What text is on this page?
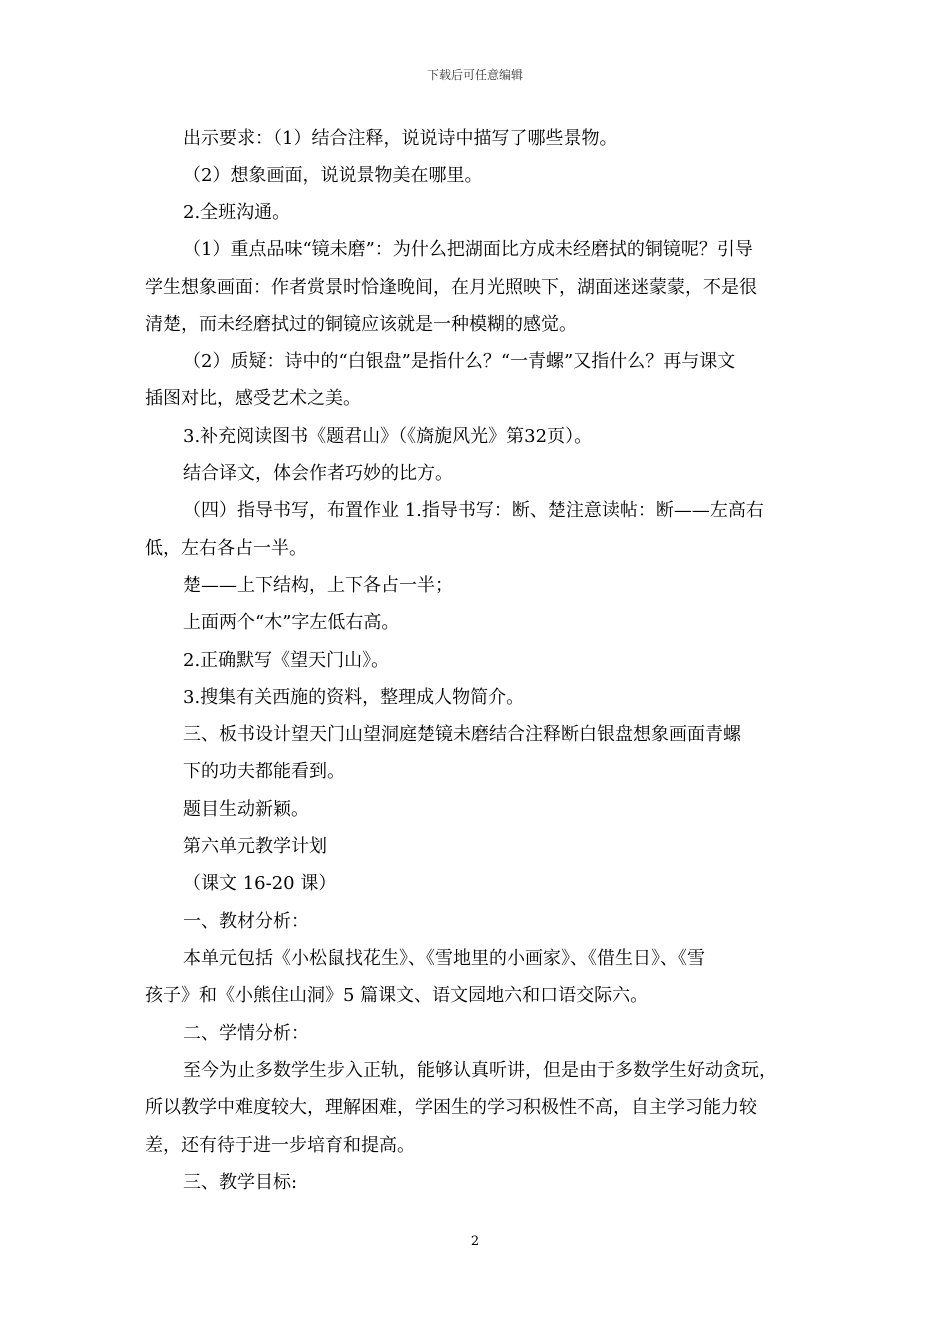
下载后可任意编辑
出示要求：（1）结合注释，说说诗中描写了哪些景物。
（2）想象画面，说说景物美在哪里。
2.全班沟通。
（1）重点品味“镜未磨”：为什么把湖面比方成未经磨拭的铜镜呢？引导
学生想象画面：作者赏景时恰逢晚间，在月光照映下，湖面迷迷蒙蒙，不是很
清楚，而未经磨拭过的铜镜应该就是一种模糊的感觉。
（2）质疑：诗中的“白银盘”是指什么？“一青螺”又指什么？再与课文
插图对比，感受艺术之美。
3.补充阅读图书《题君山》（《旖旎风光》第32页）。
结合译文，体会作者巧妙的比方。
（四）指导书写，布置作业 1.指导书写：断、楚注意读帖：断——左高右
低，左右各占一半。
楚——上下结构，上下各占一半；
上面两个“木”字左低右高。
2.正确默写《望天门山》。
3.搜集有关西施的资料，整理成人物简介。
三、板书设计望天门山望洞庭楚镜未磨结合注释断白银盘想象画面青螺
下的功夫都能看到。
题目生动新颖。
第六单元教学计划
（课文 16-20 课）
一、教材分析：
本单元包括《小松鼠找花生》、《雪地里的小画家》、《借生日》、《雪
孩子》和《小熊住山洞》5 篇课文、语文园地六和口语交际六。
二、学情分析：
至今为止多数学生步入正轨，能够认真听讲，但是由于多数学生好动贪玩，
所以教学中难度较大，理解困难，学困生的学习积极性不高，自主学习能力较
差，还有待于进一步培育和提高。
三、教学目标:
2
